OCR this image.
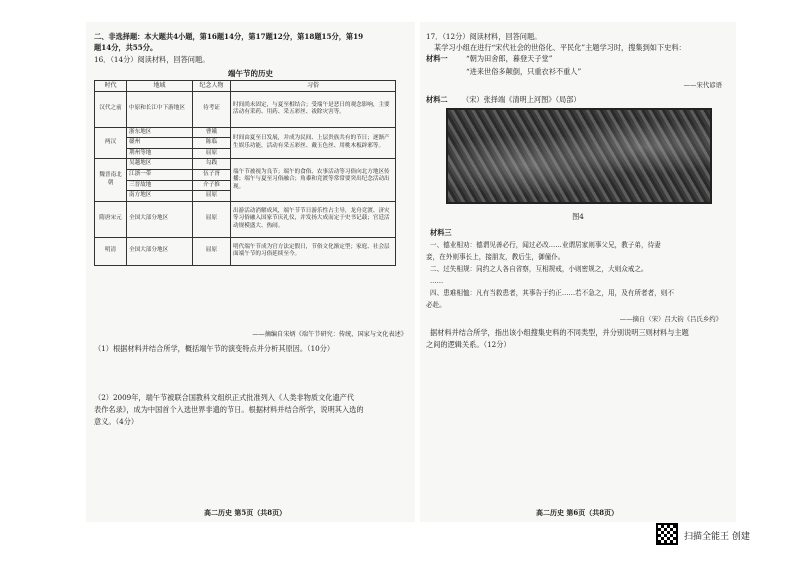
二、非选择题：本大题共4小题，第16题14分，第17题12分，第18题15分，第19
题14分，共55分。
16．（14分）阅读材料，回答问题。
端午节的历史
时代	地域	纪念人物	习俗
汉代之前	中原和长江中下游地区	待考证	时间尚未固定，与夏至相结合；受端午是恶日的观念影响，主要活动有采药、用药、采五彩丝、祓除灾害等。
两汉	浙东地区	曹娥	时间由夏至日发展，并成为民间、上层贵族共有的节日；逐渐产生娱乐功能，活动有采五彩丝、戴玉色丝、用桃木板辟邪等。
	赣州	陈临	
	荆州等地	屈原	
魏晋南北朝	吴越地区	勾践	端午节被视为良节；端午的食俗、农事活动等习俗向北方地区传播；端午与夏至习俗融合；角黍和竞渡等常常要突出纪念活动出现。
	江浙一带	伍子胥	
	三晋故地	介子推	
	南方地区	屈原	
隋唐宋元	全国大部分地区	屈原	出游活动消解成风，端午节节日游乐性占主导，龙舟竞渡、济灾等习俗融入国家节庆礼仪，并发扬大成而定于史书记载；官廷活动规模盛大、热闹。
明清	全国大部分地区	屈原	明代端午节成为官方法定假日，节俗文化渐定型；家庭、社会层面端午节的习俗延续至今。
——摘编自宋炳《端午节研究：传统、国家与文化表述》
（1）根据材料并结合所学，概括端午节的演变特点并分析其原因。（10分）
（2）2009年，端午节被联合国教科文组织正式批准列入《人类非物质文化遗产代
表作名录》，成为中国首个入选世界非遗的节日。根据材料并结合所学，说明其入选的
意义。（4分）
高二历史 第5页（共8页）
17．（12分）阅读材料，回答问题。
某学习小组在进行“宋代社会的世俗化、平民化”主题学习时，搜集到如下史料：
材料一	“朝为田舍郎，暮登天子堂”
“进来世俗多颠倒，只重衣衫不重人”
——宋代谚语
材料二 （宋）张择端《清明上河图》（局部）
图4
材料三
一、德业相劝：德谓见善必行，闻过必改……业谓居家则事父兄，教子弟，待妻
妾，在外则事长上，接朋友，教后生，御僮仆。
二、过失相规：同约之人各自省察，互相规戒，小则密规之，大则众戒之。
……
四、患难相恤：凡有当救患者，其事告于约正……若不急之，用，及有所者者，则不
必赴。
——摘自（宋）吕大钧《吕氏乡约》
据材料并结合所学，指出该小组搜集史料的不同类型，并分别说明三则材料与主题
之间的逻辑关系。（12分）
高二历史 第6页（共8页）
扫描全能王 创建
